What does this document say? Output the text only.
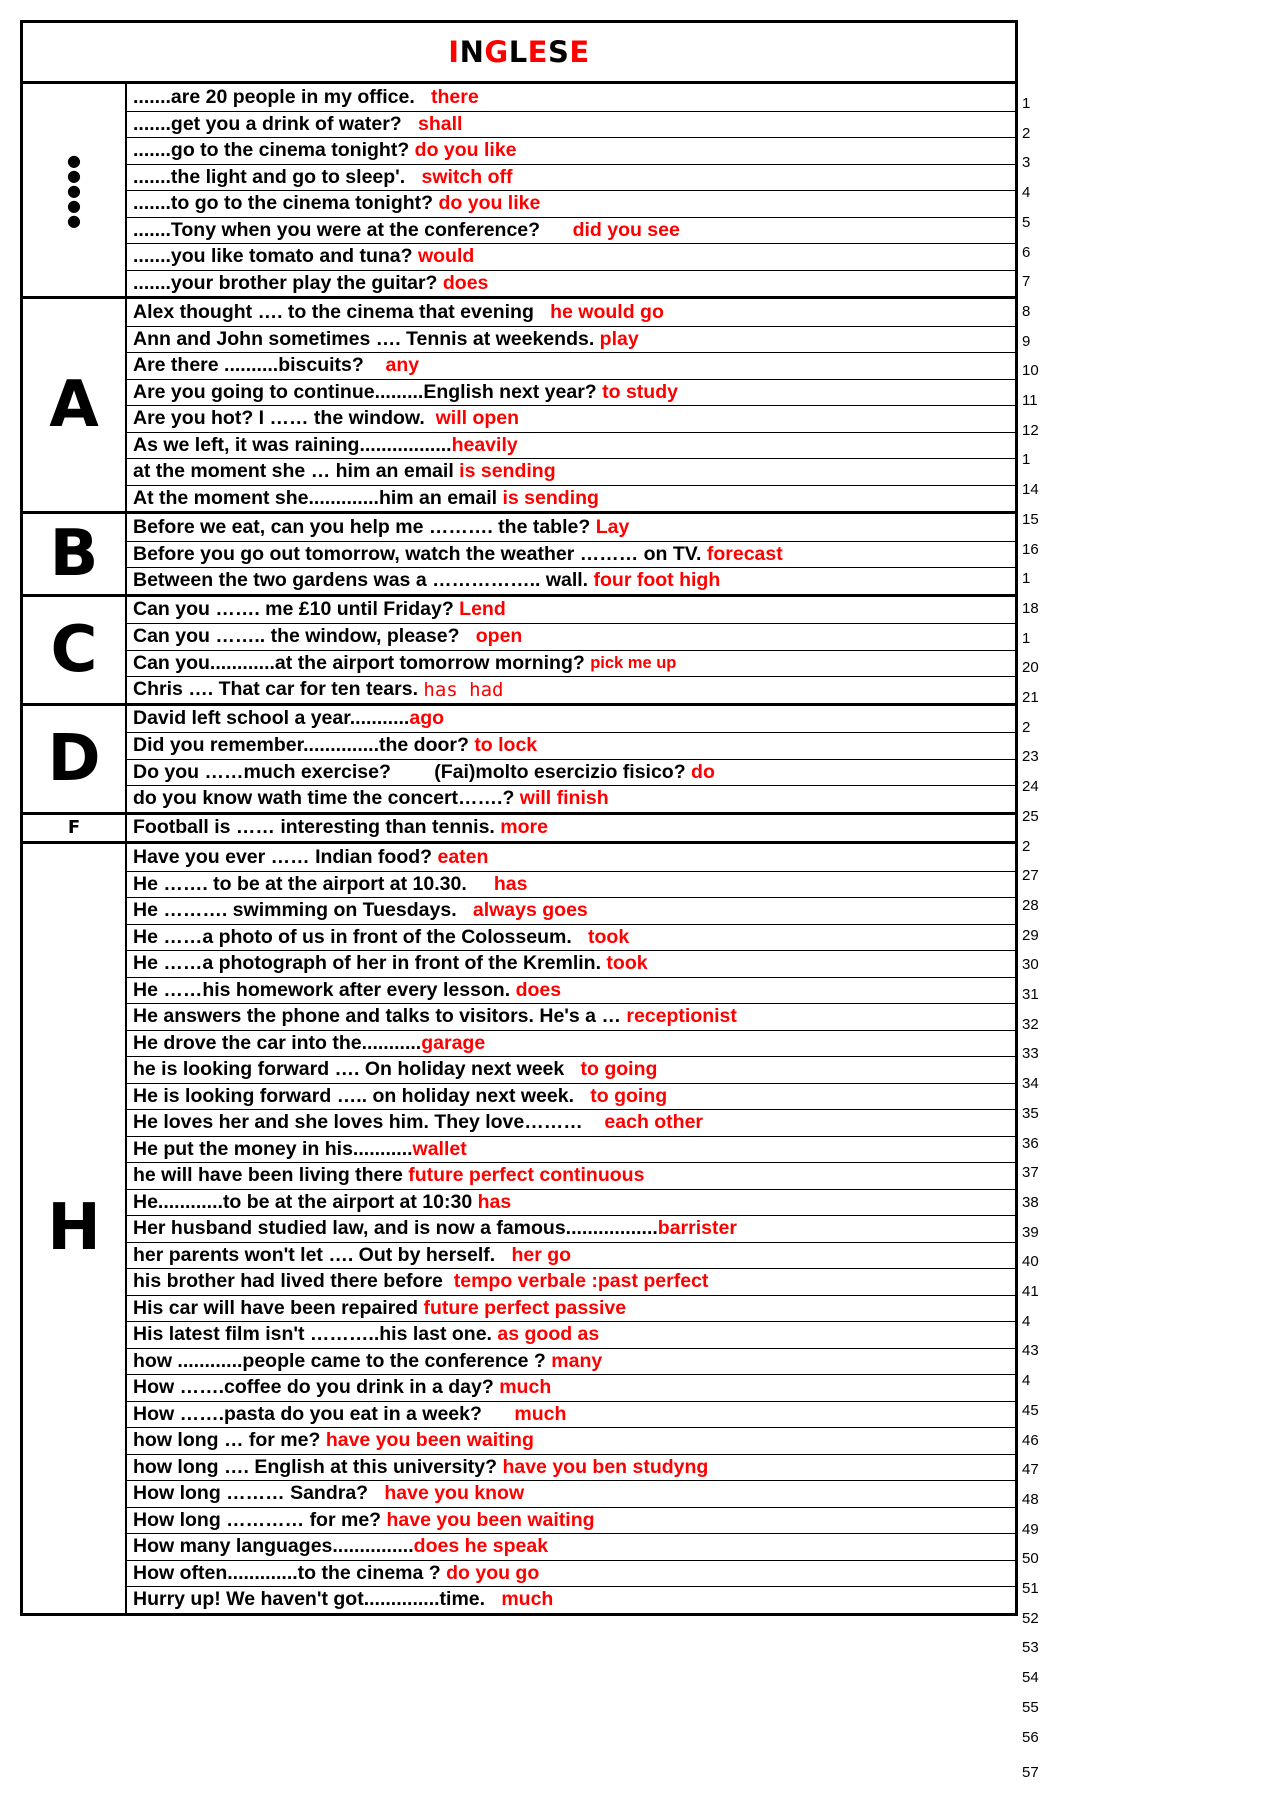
I N G L E S E
●
●
●
●
●
.......are 20 people in my office. there
.......get you a drink of water? shall
.......go to the cinema tonight? do you like
.......the light and go to sleep'. switch off
.......to go to the cinema tonight? do you like
.......Tony when you were at the conference? did you see
.......you like tomato and tuna? would
.......your brother play the guitar? does
A
Alex thought …. to the cinema that evening he would go
Ann and John sometimes …. Tennis at weekends. play
Are there ..........biscuits? any
Are you going to continue.........English next year? to study
Are you hot? I …… the window. will open
As we left, it was raining................. heavily
at the moment she … him an email is sending
At the moment she.............him an email is sending
B	Before we eat, can you help me ………. the table? Lay
Before you go out tomorrow, watch the weather ……… on TV. forecast
Between the two gardens was a …………….. wall. four foot high
C
Can you ……. me £10 until Friday? Lend
Can you …….. the window, please? open
Can you............at the airport tomorrow morning? pick me up
Chris …. That car for ten tears. has had
D
David left school a year........... ago
Did you remember..............the door? to lock
Do you ……much exercise?        (Fai)molto esercizio fisico? do
do you know wath time the concert…….? will finish
F	Football is …… interesting than tennis. more
H
Have you ever …… Indian food? eaten
He ……. to be at the airport at 10.30. has
He ………. swimming on Tuesdays. always goes
He ……a photo of us in front of the Colosseum. took
He ……a photograph of her in front of the Kremlin. took
He ……his homework after every lesson. does
He answers the phone and talks to visitors. He's a … receptionist
He drove the car into the........... garage
he is looking forward …. On holiday next week to going
He is looking forward ….. on holiday next week. to going
He loves her and she loves him. They love……… each other
He put the money in his........... wallet
he will have been living there future perfect continuous
He............to be at the airport at 10:30 has
Her husband studied law, and is now a famous................. barrister
her parents won't let …. Out by herself. her go
his brother had lived there before tempo verbale :past perfect
His car will have been repaired future perfect passive
His latest film isn't ………..his last one. as good as
how ............people came to the conference ? many
How …….coffee do you drink in a day? much
How …….pasta do you eat in a week? much
how long … for me? have you been waiting
how long …. English at this university? have you ben studyng
How long ……… Sandra? have you know
How long ………… for me? have you been waiting
How many languages............... does he speak
How often.............to the cinema ? do you go
Hurry up! We haven't got..............time. much
1
2
3
4
5
6
7
8
9
10
11
12
1
14
15
16
1
18
1
20
21
2
23
24
25
2
27
28
29
30
31
32
33
34
35
36
37
38
39
40
41
4
43
4
45
46
47
48
49
50
51
52
53
54
55
56
57
